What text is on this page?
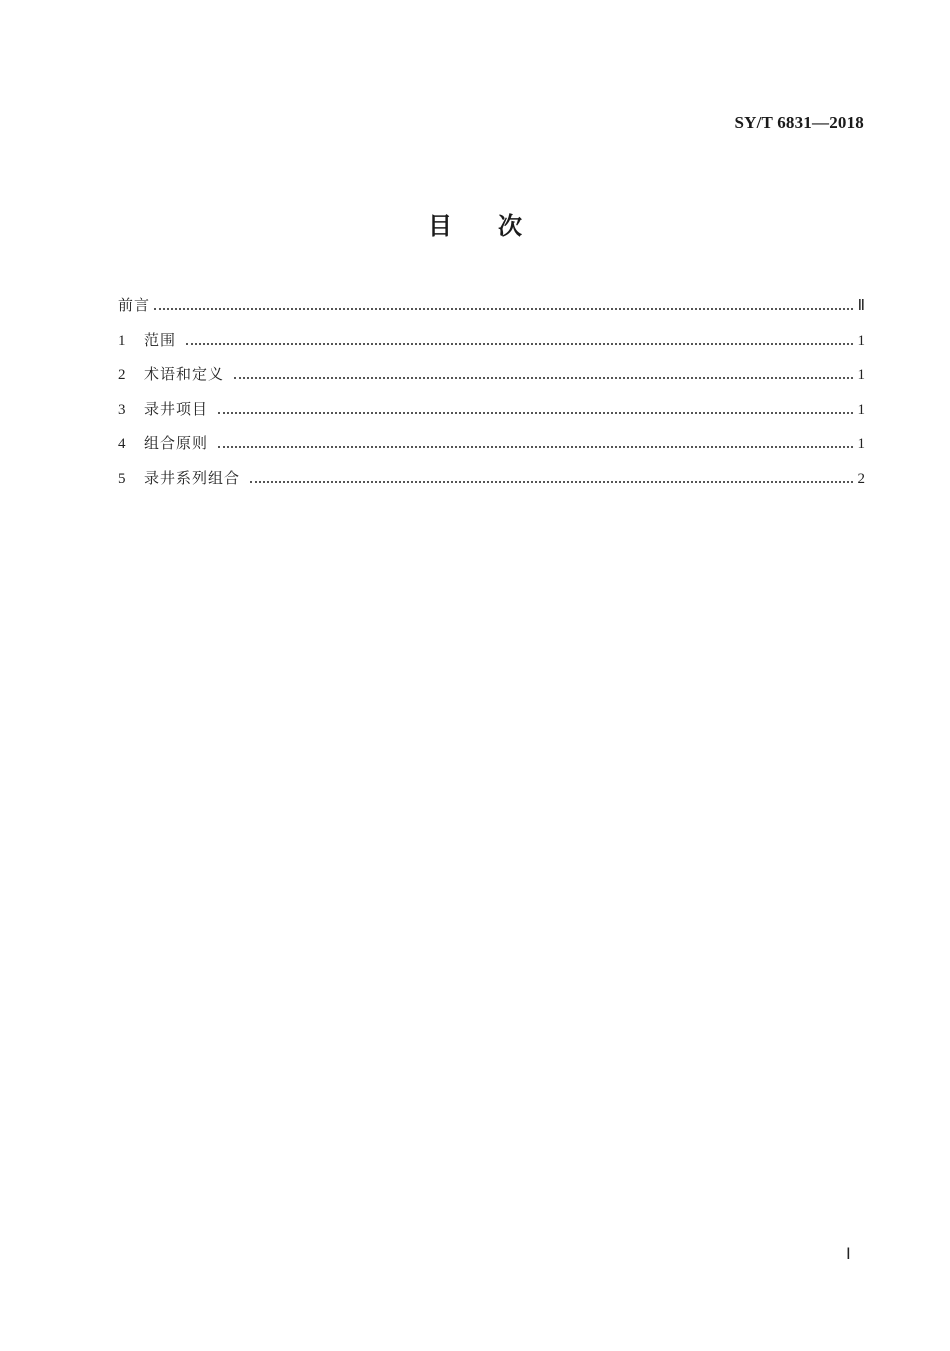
SY/T 6831—2018
目次
前言	Ⅱ
1	范围	1
2	术语和定义	1
3	录井项目	1
4	组合原则	1
5	录井系列组合	2
Ⅰ
